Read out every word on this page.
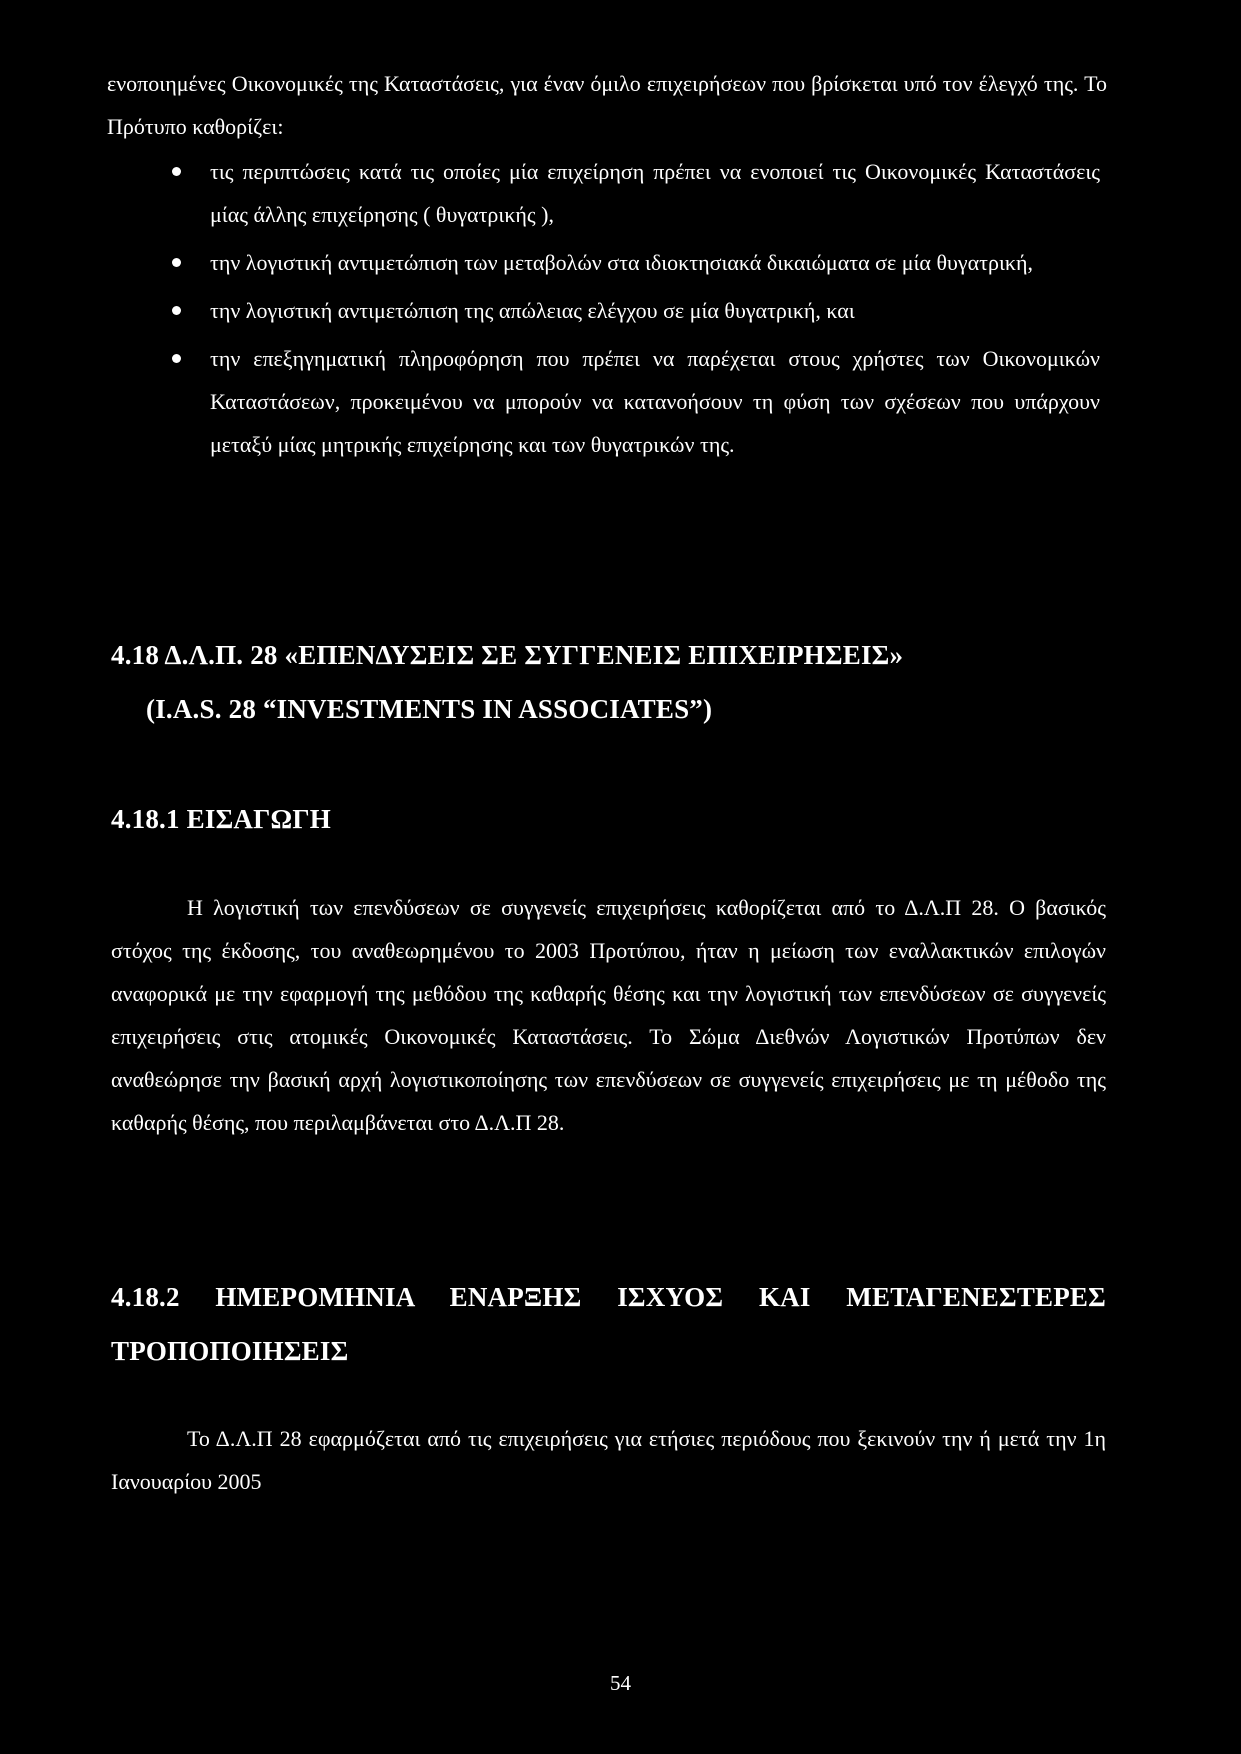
ενοποιημένες Οικονομικές της Καταστάσεις, για έναν όμιλο επιχειρήσεων που βρίσκεται υπό τον έλεγχό της. Το Πρότυπο καθορίζει:

τις περιπτώσεις κατά τις οποίες μία επιχείρηση πρέπει να ενοποιεί τις Οικονομικές Καταστάσεις μίας άλλης επιχείρησης ( θυγατρικής ),
την λογιστική αντιμετώπιση των μεταβολών στα ιδιοκτησιακά δικαιώματα σε μία θυγατρική,
την λογιστική αντιμετώπιση της απώλειας ελέγχου σε μία θυγατρική, και
την επεξηγηματική πληροφόρηση που πρέπει να παρέχεται στους χρήστες των Οικονομικών Καταστάσεων, προκειμένου να μπορούν να κατανοήσουν τη φύση των σχέσεων που υπάρχουν μεταξύ μίας μητρικής επιχείρησης και των θυγατρικών της.
4.18 Δ.Λ.Π. 28 «ΕΠΕΝΔΥΣΕΙΣ ΣΕ ΣΥΓΓΕΝΕΙΣ ΕΠΙΧΕΙΡΗΣΕΙΣ»
(I.A.S. 28 “INVESTMENTS IN ASSOCIATES”)
4.18.1 ΕΙΣΑΓΩΓΗ

Η λογιστική των επενδύσεων σε συγγενείς επιχειρήσεις καθορίζεται από το Δ.Λ.Π 28. Ο βασικός στόχος της έκδοσης, του αναθεωρημένου το 2003 Προτύπου, ήταν η μείωση των εναλλακτικών επιλογών αναφορικά με την εφαρμογή της μεθόδου της καθαρής θέσης και την λογιστική των επενδύσεων σε συγγενείς επιχειρήσεις στις ατομικές Οικονομικές Καταστάσεις. Το Σώμα Διεθνών Λογιστικών Προτύπων δεν αναθεώρησε την βασική αρχή λογιστικοποίησης των επενδύσεων σε συγγενείς επιχειρήσεις με τη μέθοδο της καθαρής θέσης, που περιλαμβάνεται στο Δ.Λ.Π 28.

4.18.2 ΗΜΕΡΟΜΗΝΙΑ ΕΝΑΡΞΗΣ ΙΣΧΥΟΣ ΚΑΙ ΜΕΤΑΓΕΝΕΣΤΕΡΕΣ
ΤΡΟΠΟΠΟΙΗΣΕΙΣ

Το Δ.Λ.Π 28 εφαρμόζεται από τις επιχειρήσεις για ετήσιες περιόδους που ξεκινούν την ή μετά την 1η Ιανουαρίου 2005

54
